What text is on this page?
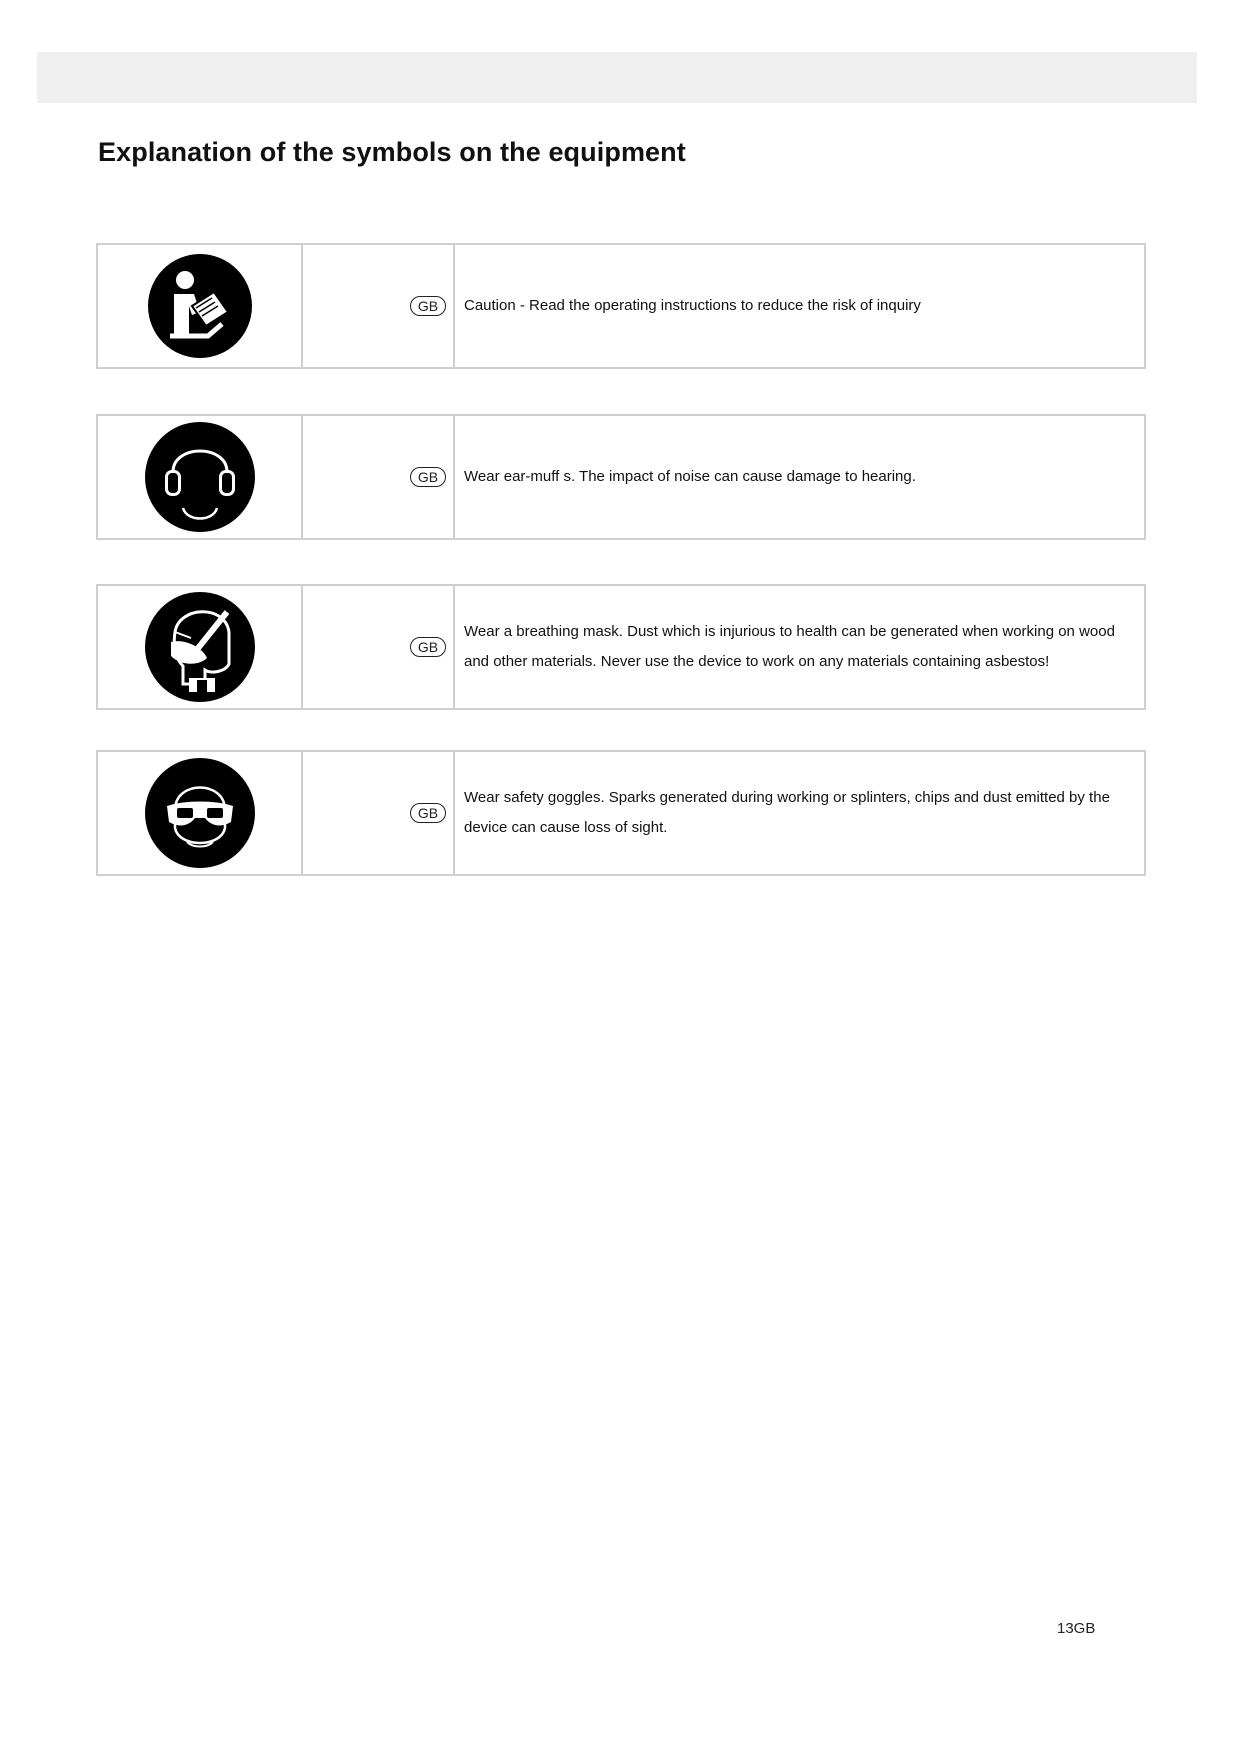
Explanation of the symbols on the equipment
GB	Caution - Read the operating instructions to reduce the risk of inquiry
GB	Wear ear-muff s. The impact of noise can cause damage to hearing.
GB
Wear a breathing mask. Dust which is injurious to health can be generated when working on wood   and other materials. Never use the device to work on any materials containing asbestos!
GB
Wear safety goggles. Sparks generated during working or splinters, chips and dust emitted by the device can cause loss of sight.
13GB
